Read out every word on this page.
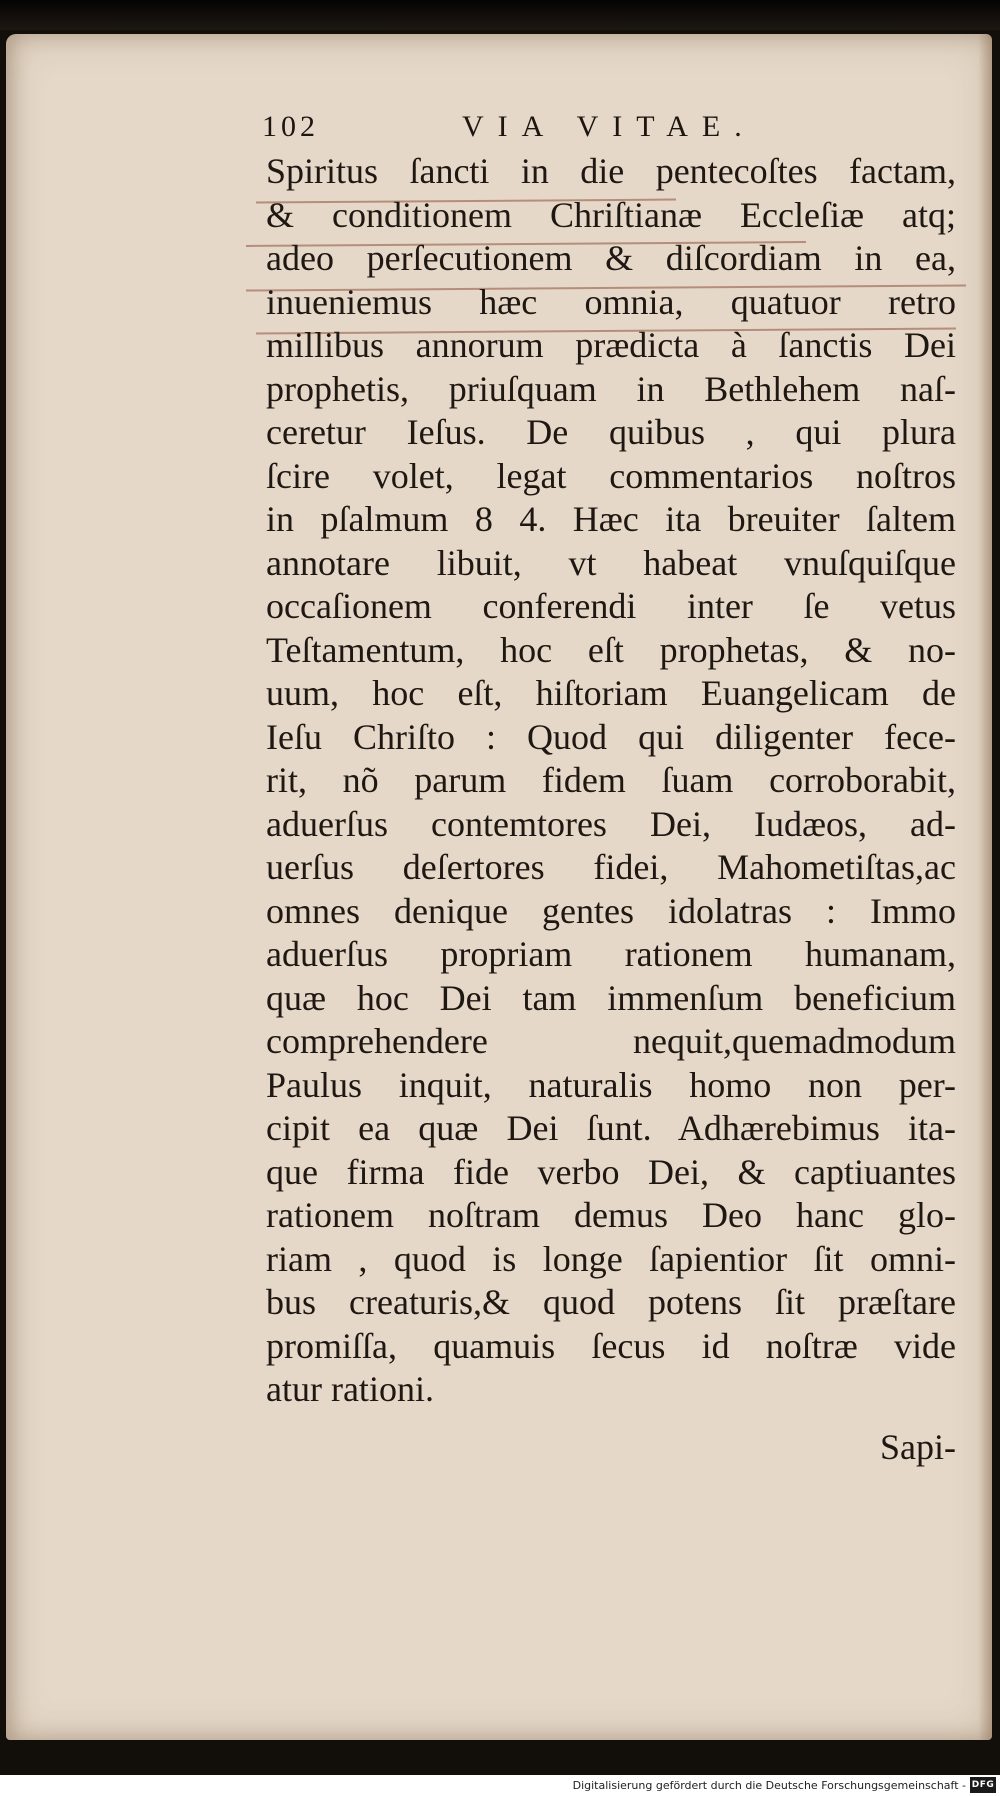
102	VIA VITAE.
Spiritus ſancti in die pentecoſtes factam,
& conditionem Chriſtianæ Eccleſiæ atq;
adeo perſecutionem & diſcordiam in ea,
inueniemus hæc omnia, quatuor retro
millibus annorum prædicta à ſanctis Dei
prophetis, priuſquam in Bethlehem naſ-
ceretur Ieſus. De quibus , qui plura
ſcire volet, legat commentarios noſtros
in pſalmum 8 4. Hæc ita breuiter ſaltem
annotare libuit, vt habeat vnuſquiſque
occaſionem conferendi inter ſe vetus
Teſtamentum, hoc eſt prophetas, & no-
uum, hoc eſt, hiſtoriam Euangelicam de
Ieſu Chriſto : Quod qui diligenter fece-
rit, nõ parum fidem ſuam corroborabit,
aduerſus contemtores Dei, Iudæos, ad-
uerſus deſertores fidei, Mahometiſtas,ac
omnes denique gentes idolatras : Immo
aduerſus propriam rationem humanam,
quæ hoc Dei tam immenſum beneficium
comprehendere nequit,quemadmodum
Paulus inquit, naturalis homo non per-
cipit ea quæ Dei ſunt. Adhærebimus ita-
que firma fide verbo Dei, & captiuantes
rationem noſtram demus Deo hanc glo-
riam , quod is longe ſapientior ſit omni-
bus creaturis,& quod potens ſit præſtare
promiſſa, quamuis ſecus id noſtræ vide
atur rationi.
Sapi-
Digitalisierung gefördert durch die Deutsche Forschungsgemeinschaft - DFG
